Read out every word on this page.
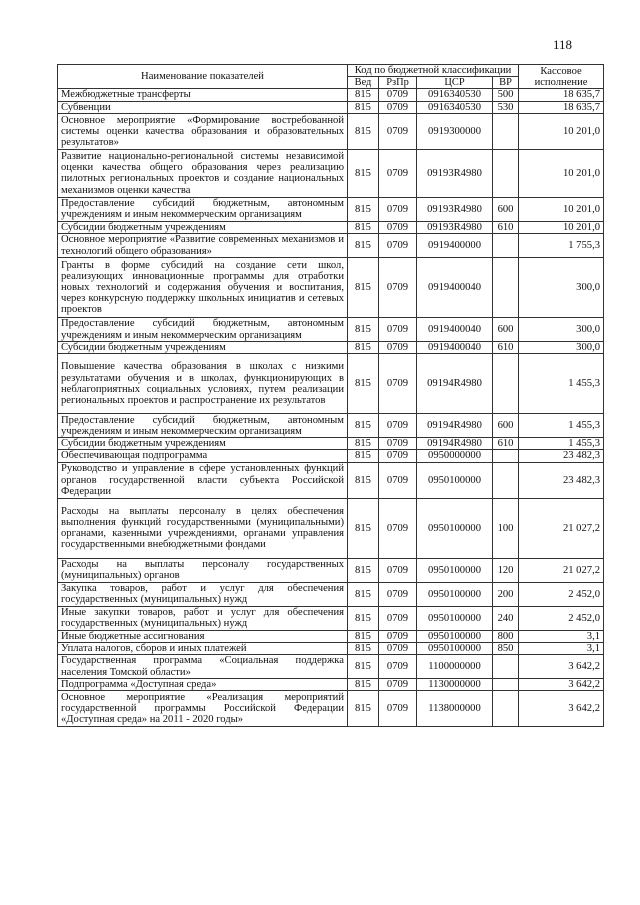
118
Наименование показателей	Код по бюджетной классификации				Кассовое исполнение
	Вед	РзПр	ЦСР	ВР	
Межбюджетные трансферты	815	0709	0916340530	500	18 635,7
Субвенции	815	0709	0916340530	530	18 635,7
Основное мероприятие «Формирование востребованной системы оценки качества образования и образовательных результатов»	815	0709	0919300000		10 201,0
Развитие национально-региональной системы независимой оценки качества общего образования через реализацию пилотных региональных проектов и создание национальных механизмов оценки качества	815	0709	09193R4980		10 201,0
Предоставление субсидий бюджетным, автономным учреждениям и иным некоммерческим организациям	815	0709	09193R4980	600	10 201,0
Субсидии бюджетным учреждениям	815	0709	09193R4980	610	10 201,0
Основное мероприятие «Развитие современных механизмов и технологий общего образования»	815	0709	0919400000		1 755,3
Гранты в форме субсидий на создание сети школ, реализующих инновационные программы для отработки новых технологий и содержания обучения и воспитания, через конкурсную поддержку школьных инициатив и сетевых проектов	815	0709	0919400040		300,0
Предоставление субсидий бюджетным, автономным учреждениям и иным некоммерческим организациям	815	0709	0919400040	600	300,0
Субсидии бюджетным учреждениям	815	0709	0919400040	610	300,0
Повышение качества образования в школах с низкими результатами обучения и в школах, функционирующих в неблагоприятных социальных условиях, путем реализации региональных проектов и распространение их результатов	815	0709	09194R4980		1 455,3
Предоставление субсидий бюджетным, автономным учреждениям и иным некоммерческим организациям	815	0709	09194R4980	600	1 455,3
Субсидии бюджетным учреждениям	815	0709	09194R4980	610	1 455,3
Обеспечивающая подпрограмма	815	0709	0950000000		23 482,3
Руководство и управление в сфере установленных функций органов государственной власти субъекта Российской Федерации	815	0709	0950100000		23 482,3
Расходы на выплаты персоналу в целях обеспечения выполнения функций государственными (муниципальными) органами, казенными учреждениями, органами управления государственными внебюджетными фондами	815	0709	0950100000	100	21 027,2
Расходы на выплаты персоналу государственных (муниципальных) органов	815	0709	0950100000	120	21 027,2
Закупка товаров, работ и услуг для обеспечения государственных (муниципальных) нужд	815	0709	0950100000	200	2 452,0
Иные закупки товаров, работ и услуг для обеспечения государственных (муниципальных) нужд	815	0709	0950100000	240	2 452,0
Иные бюджетные ассигнования	815	0709	0950100000	800	3,1
Уплата налогов, сборов и иных платежей	815	0709	0950100000	850	3,1
Государственная программа «Социальная поддержка населения Томской области»	815	0709	1100000000		3 642,2
Подпрограмма «Доступная среда»	815	0709	1130000000		3 642,2
Основное мероприятие «Реализация мероприятий государственной программы Российской Федерации «Доступная среда» на 2011 - 2020 годы»	815	0709	1138000000		3 642,2
